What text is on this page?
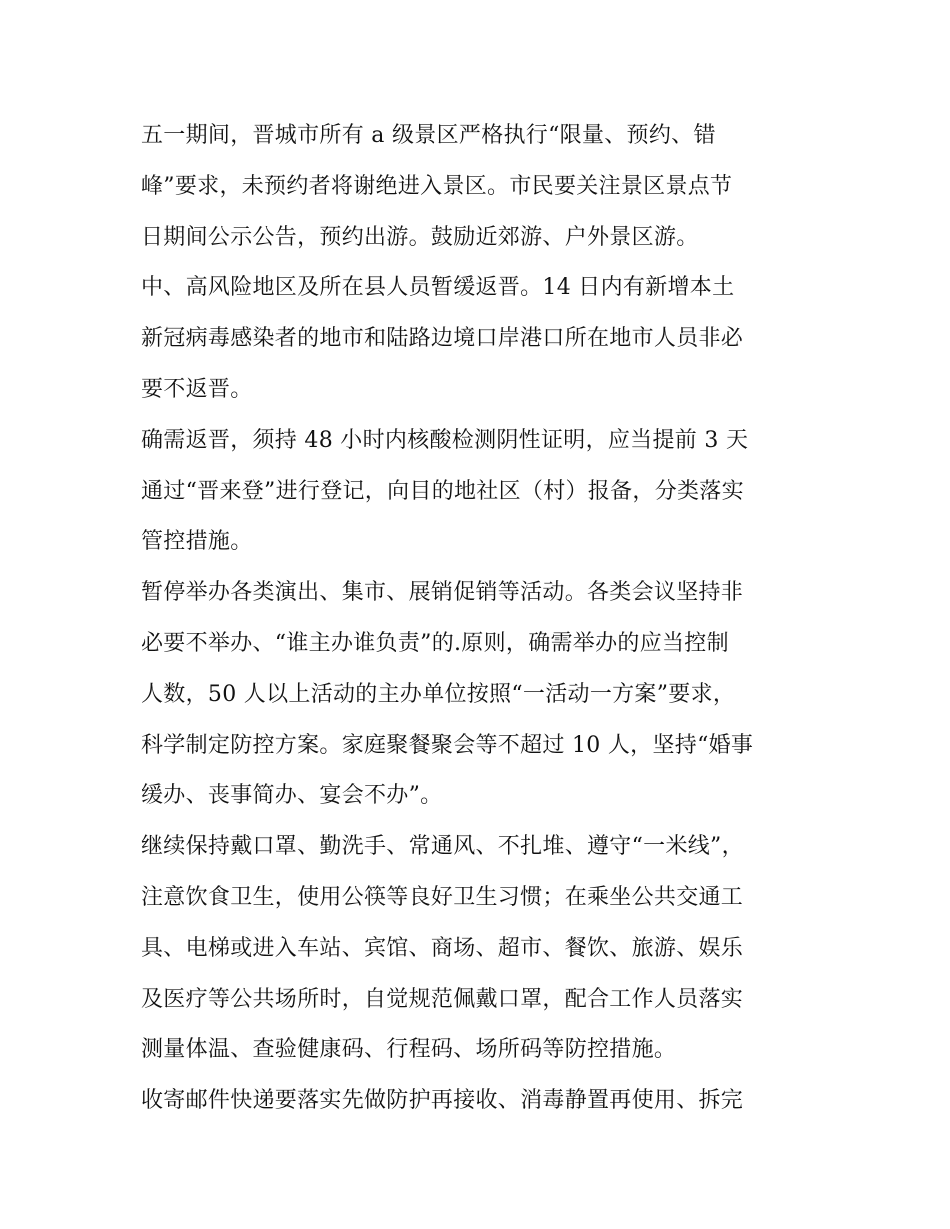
五一期间，晋城市所有 a 级景区严格执行“限量、预约、错
峰”要求，未预约者将谢绝进入景区。市民要关注景区景点节
日期间公示公告，预约出游。鼓励近郊游、户外景区游。
中、高风险地区及所在县人员暂缓返晋。14 日内有新增本土
新冠病毒感染者的地市和陆路边境口岸港口所在地市人员非必
要不返晋。
确需返晋，须持 48 小时内核酸检测阴性证明，应当提前 3 天
通过“晋来登”进行登记，向目的地社区（村）报备，分类落实
管控措施。
暂停举办各类演出、集市、展销促销等活动。各类会议坚持非
必要不举办、“谁主办谁负责”的.原则，确需举办的应当控制
人数，50 人以上活动的主办单位按照“一活动一方案”要求，
科学制定防控方案。家庭聚餐聚会等不超过 10 人，坚持“婚事
缓办、丧事简办、宴会不办”。
继续保持戴口罩、勤洗手、常通风、不扎堆、遵守“一米线”，
注意饮食卫生，使用公筷等良好卫生习惯；在乘坐公共交通工
具、电梯或进入车站、宾馆、商场、超市、餐饮、旅游、娱乐
及医疗等公共场所时，自觉规范佩戴口罩，配合工作人员落实
测量体温、查验健康码、行程码、场所码等防控措施。
收寄邮件快递要落实先做防护再接收、消毒静置再使用、拆完
